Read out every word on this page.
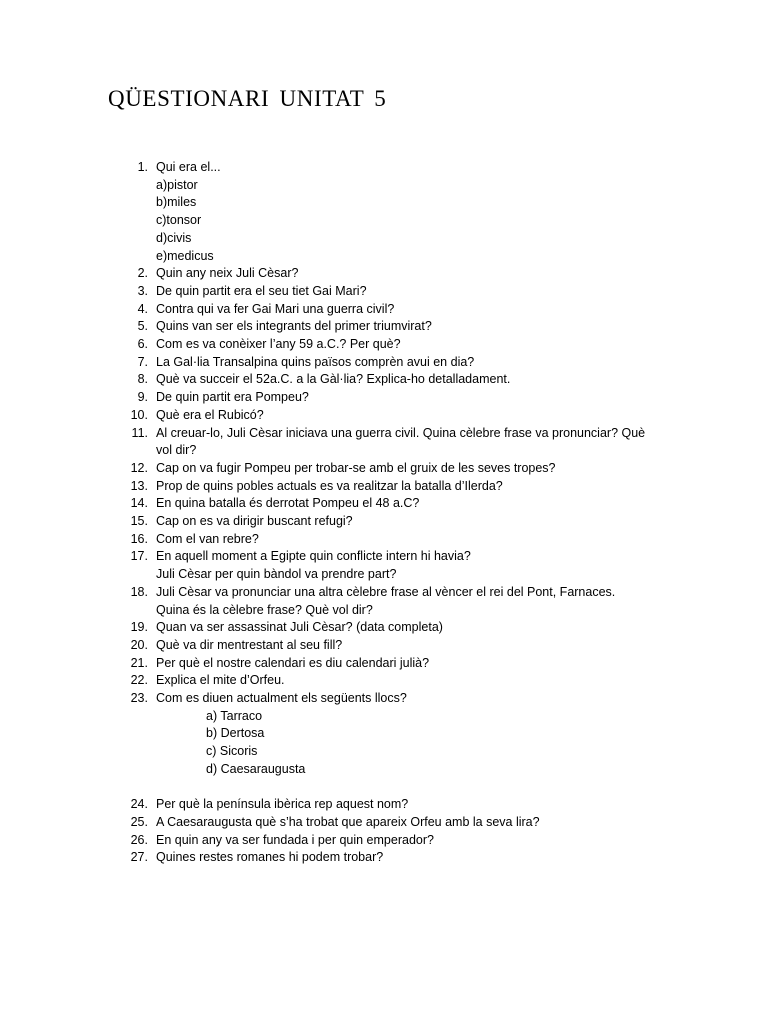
QÜESTIONARI UNITAT 5
1. Qui era el...
a)pistor
b)miles
c)tonsor
d)civis
e)medicus
2. Quin any neix Juli Cèsar?
3. De quin partit era el seu tiet Gai Mari?
4. Contra qui va fer Gai Mari una guerra civil?
5. Quins van ser els integrants del primer triumvirat?
6. Com es va conèixer l’any 59 a.C.? Per què?
7. La Gal·lia Transalpina quins països comprèn avui en dia?
8. Què va succeir el 52a.C. a la Gàl·lia? Explica-ho detalladament.
9. De quin partit era Pompeu?
10. Què era el Rubicó?
11. Al creuar-lo, Juli Cèsar iniciava una guerra civil. Quina cèlebre frase va pronunciar? Què
vol dir?
12. Cap on va fugir Pompeu per trobar-se amb el gruix de les seves tropes?
13. Prop de quins pobles actuals es va realitzar la batalla d’Ilerda?
14. En quina batalla és derrotat Pompeu el 48 a.C?
15. Cap on es va dirigir buscant refugi?
16. Com el van rebre?
17. En aquell moment a Egipte quin conflicte intern hi havia?
Juli Cèsar per quin bàndol va prendre part?
18. Juli Cèsar va pronunciar una altra cèlebre frase al vèncer el rei del Pont, Farnaces.
Quina és la cèlebre frase? Què vol dir?
19. Quan va ser assassinat Juli Cèsar? (data completa)
20. Què va dir mentrestant al seu fill?
21. Per què el nostre calendari es diu calendari julià?
22. Explica el mite d’Orfeu.
23. Com es diuen actualment els següents llocs?
a) Tarraco
b) Dertosa
c) Sicoris
d) Caesaraugusta
24. Per què la península ibèrica rep aquest nom?
25. A Caesaraugusta què s’ha trobat que apareix Orfeu amb la seva lira?
26. En quin any va ser fundada i per quin emperador?
27. Quines restes romanes hi podem trobar?
